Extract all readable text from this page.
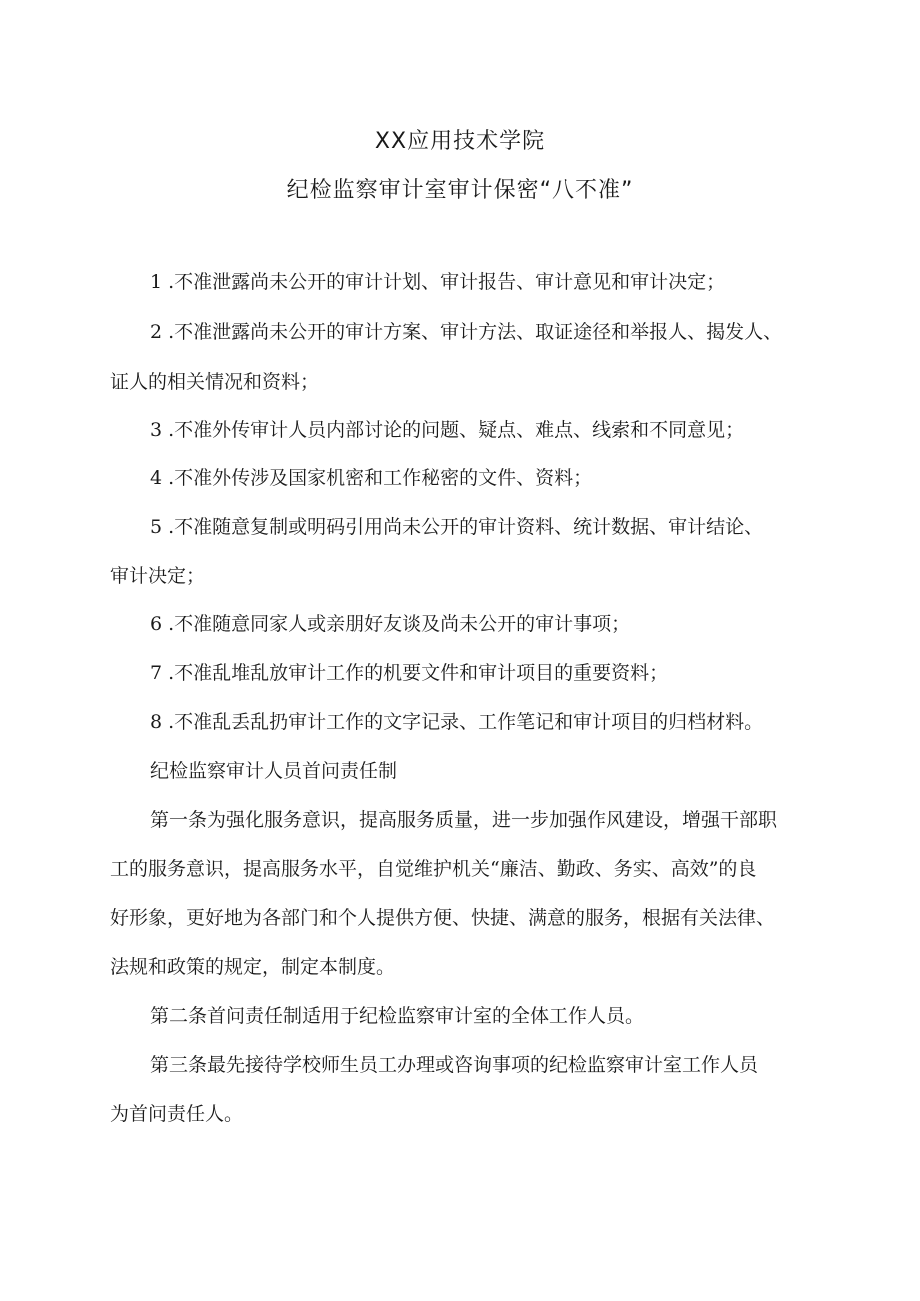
XX应用技术学院
纪检监察审计室审计保密“八不准”
1 .不准泄露尚未公开的审计计划、审计报告、审计意见和审计决定；
2 .不准泄露尚未公开的审计方案、审计方法、取证途径和举报人、揭发人、
证人的相关情况和资料；
3 .不准外传审计人员内部讨论的问题、疑点、难点、线索和不同意见；
4 .不准外传涉及国家机密和工作秘密的文件、资料；
5 .不准随意复制或明码引用尚未公开的审计资料、统计数据、审计结论、
审计决定；
6 .不准随意同家人或亲朋好友谈及尚未公开的审计事项；
7 .不准乱堆乱放审计工作的机要文件和审计项目的重要资料；
8 .不准乱丢乱扔审计工作的文字记录、工作笔记和审计项目的归档材料。
纪检监察审计人员首问责任制
第一条为强化服务意识，提高服务质量，进一步加强作风建设，增强干部职
工的服务意识，提高服务水平，自觉维护机关“廉洁、勤政、务实、高效”的良
好形象，更好地为各部门和个人提供方便、快捷、满意的服务，根据有关法律、
法规和政策的规定，制定本制度。
第二条首问责任制适用于纪检监察审计室的全体工作人员。
第三条最先接待学校师生员工办理或咨询事项的纪检监察审计室工作人员
为首问责任人。
